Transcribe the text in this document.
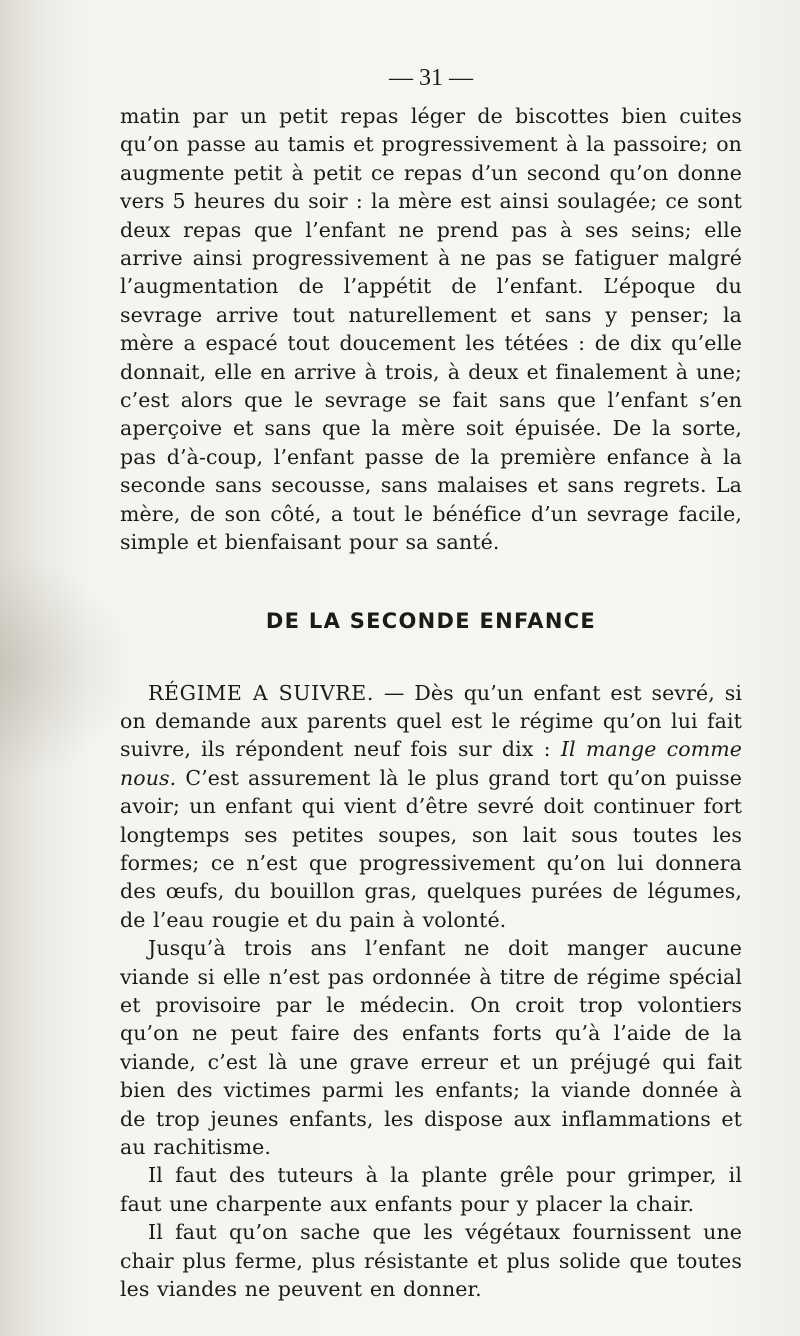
— 31 —

matin par un petit repas léger de biscottes bien cuites qu’on passe au tamis et progressivement à la passoire; on augmente petit à petit ce repas d’un second qu’on donne vers 5 heures du soir : la mère est ainsi soulagée; ce sont deux repas que l’enfant ne prend pas à ses seins; elle arrive ainsi progressivement à ne pas se fatiguer malgré l’augmentation de l’appétit de l’enfant. L’époque du sevrage arrive tout naturellement et sans y penser; la mère a espacé tout doucement les tétées : de dix qu’elle donnait, elle en arrive à trois, à deux et finalement à une; c’est alors que le sevrage se fait sans que l’enfant s’en aperçoive et sans que la mère soit épuisée. De la sorte, pas d’à-coup, l’enfant passe de la première enfance à la seconde sans secousse, sans malaises et sans regrets. La mère, de son côté, a tout le bénéfice d’un sevrage facile, simple et bienfaisant pour sa santé.

DE LA SECONDE ENFANCE

RÉGIME A SUIVRE. — Dès qu’un enfant est sevré, si on demande aux parents quel est le régime qu’on lui fait suivre, ils répondent neuf fois sur dix : Il mange comme nous. C’est assurement là le plus grand tort qu’on puisse avoir; un enfant qui vient d’être sevré doit continuer fort longtemps ses petites soupes, son lait sous toutes les formes; ce n’est que progressivement qu’on lui donnera des œufs, du bouillon gras, quelques purées de légumes, de l’eau rougie et du pain à volonté.

Jusqu’à trois ans l’enfant ne doit manger aucune viande si elle n’est pas ordonnée à titre de régime spécial et provisoire par le médecin. On croit trop volontiers qu’on ne peut faire des enfants forts qu’à l’aide de la viande, c’est là une grave erreur et un préjugé qui fait bien des victimes parmi les enfants; la viande donnée à de trop jeunes enfants, les dispose aux inflammations et au rachitisme.

Il faut des tuteurs à la plante grêle pour grimper, il faut une charpente aux enfants pour y placer la chair.

Il faut qu’on sache que les végétaux fournissent une chair plus ferme, plus résistante et plus solide que toutes les viandes ne peuvent en donner.
